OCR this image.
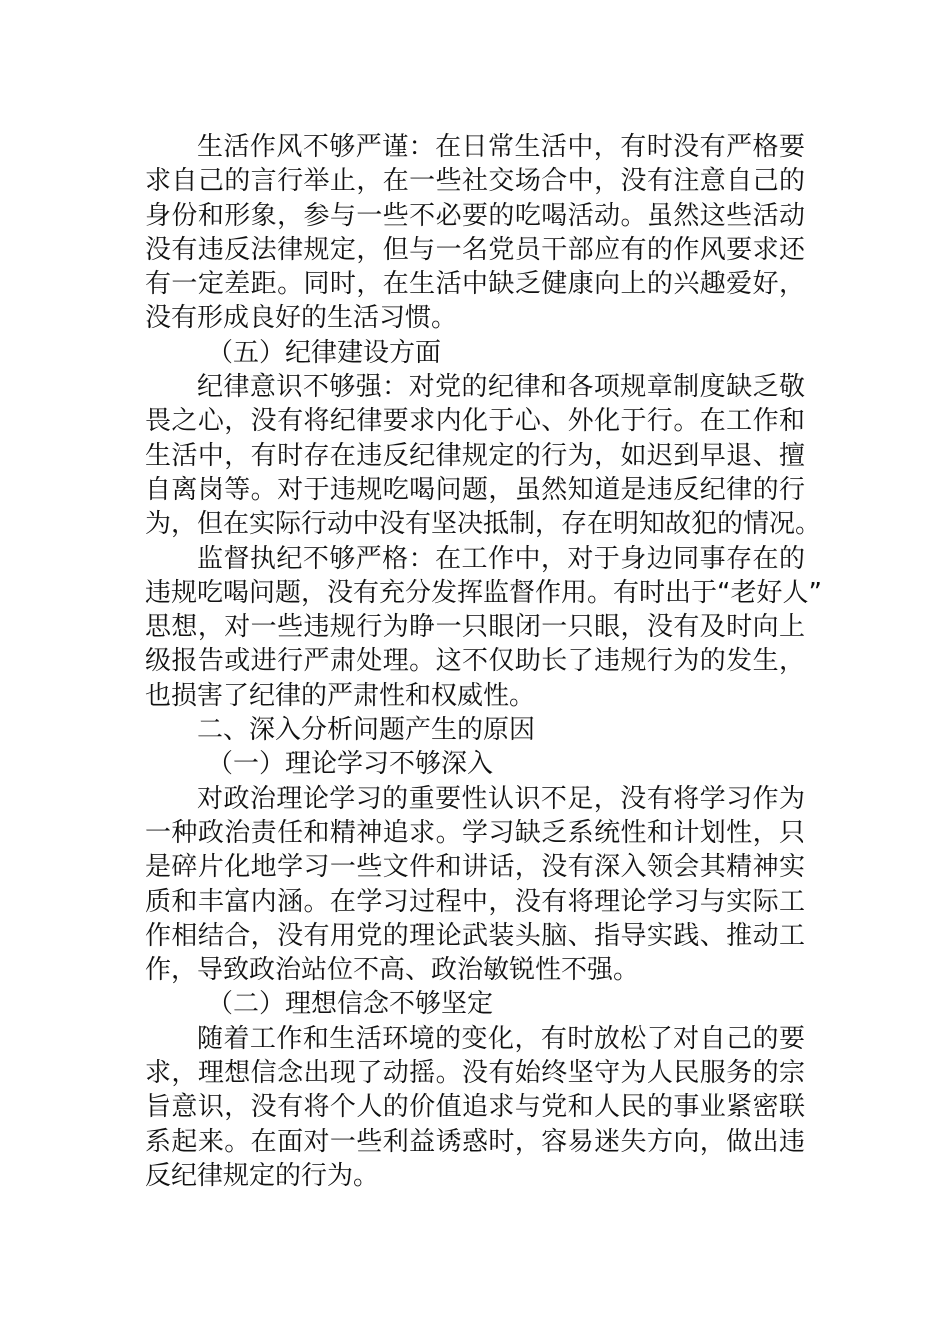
生活作风不够严谨：在日常生活中，有时没有严格要
求自己的言行举止，在一些社交场合中，没有注意自己的
身份和形象，参与一些不必要的吃喝活动。虽然这些活动
没有违反法律规定，但与一名党员干部应有的作风要求还
有一定差距。同时，在生活中缺乏健康向上的兴趣爱好，
没有形成良好的生活习惯。
（五）纪律建设方面
纪律意识不够强：对党的纪律和各项规章制度缺乏敬
畏之心，没有将纪律要求内化于心、外化于行。在工作和
生活中，有时存在违反纪律规定的行为，如迟到早退、擅
自离岗等。对于违规吃喝问题，虽然知道是违反纪律的行
为，但在实际行动中没有坚决抵制，存在明知故犯的情况。
监督执纪不够严格：在工作中，对于身边同事存在的
违规吃喝问题，没有充分发挥监督作用。有时出于“老好人”
思想，对一些违规行为睁一只眼闭一只眼，没有及时向上
级报告或进行严肃处理。这不仅助长了违规行为的发生，
也损害了纪律的严肃性和权威性。
二、深入分析问题产生的原因
（一）理论学习不够深入
对政治理论学习的重要性认识不足，没有将学习作为
一种政治责任和精神追求。学习缺乏系统性和计划性，只
是碎片化地学习一些文件和讲话，没有深入领会其精神实
质和丰富内涵。在学习过程中，没有将理论学习与实际工
作相结合，没有用党的理论武装头脑、指导实践、推动工
作，导致政治站位不高、政治敏锐性不强。
（二）理想信念不够坚定
随着工作和生活环境的变化，有时放松了对自己的要
求，理想信念出现了动摇。没有始终坚守为人民服务的宗
旨意识，没有将个人的价值追求与党和人民的事业紧密联
系起来。在面对一些利益诱惑时，容易迷失方向，做出违
反纪律规定的行为。
